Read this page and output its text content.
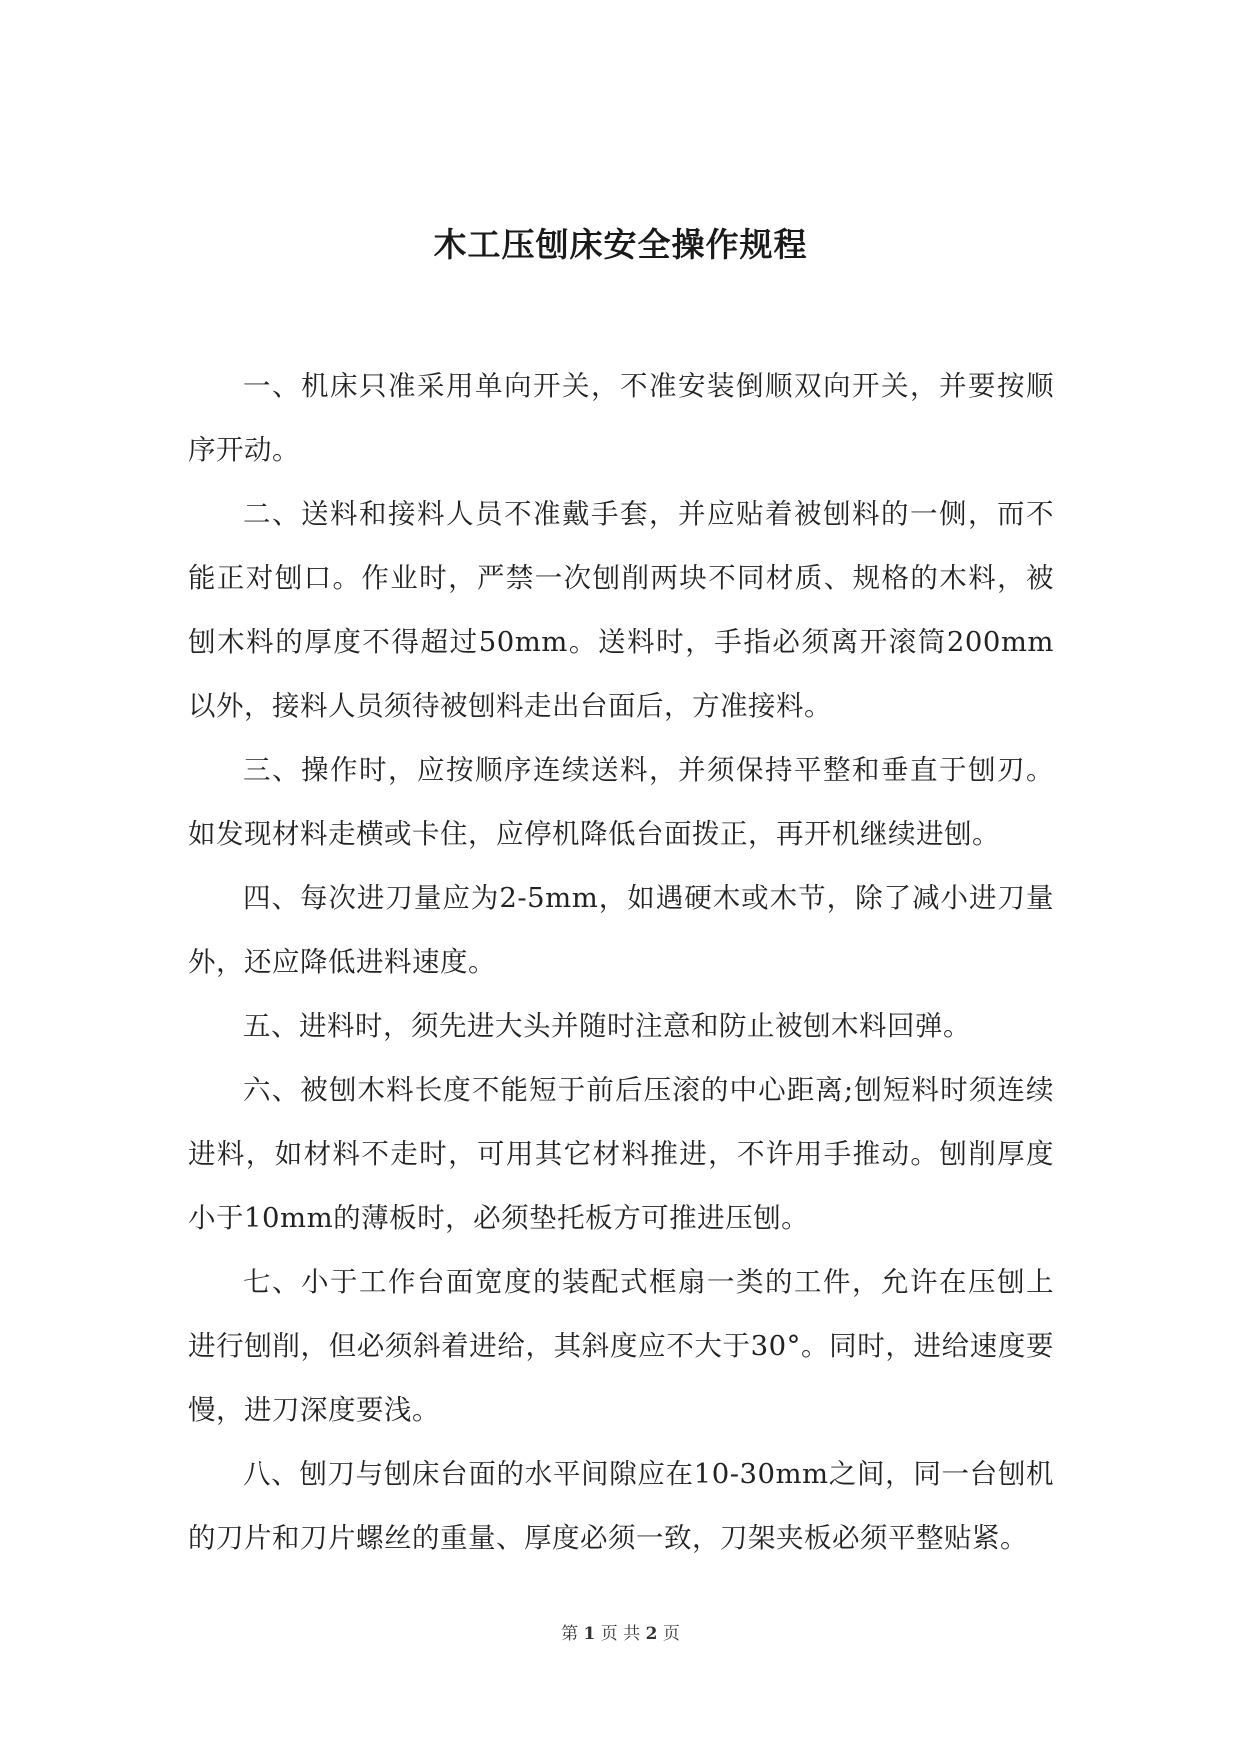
木工压刨床安全操作规程

一、机床只准采用单向开关，不准安装倒顺双向开关，并要按顺序开动。

二、送料和接料人员不准戴手套，并应贴着被刨料的一侧，而不能正对刨口。作业时，严禁一次刨削两块不同材质、规格的木料，被刨木料的厚度不得超过50mm。送料时，手指必须离开滚筒200mm以外，接料人员须待被刨料走出台面后，方准接料。

三、操作时，应按顺序连续送料，并须保持平整和垂直于刨刃。如发现材料走横或卡住，应停机降低台面拨正，再开机继续进刨。

四、每次进刀量应为2-5mm，如遇硬木或木节，除了减小进刀量外，还应降低进料速度。

五、进料时，须先进大头并随时注意和防止被刨木料回弹。

六、被刨木料长度不能短于前后压滚的中心距离;刨短料时须连续进料，如材料不走时，可用其它材料推进，不许用手推动。刨削厚度小于10mm的薄板时，必须垫托板方可推进压刨。

七、小于工作台面宽度的装配式框扇一类的工件，允许在压刨上进行刨削，但必须斜着进给，其斜度应不大于30°。同时，进给速度要慢，进刀深度要浅。

八、刨刀与刨床台面的水平间隙应在10-30mm之间，同一台刨机的刀片和刀片螺丝的重量、厚度必须一致，刀架夹板必须平整贴紧。

第 1 页 共 2 页
